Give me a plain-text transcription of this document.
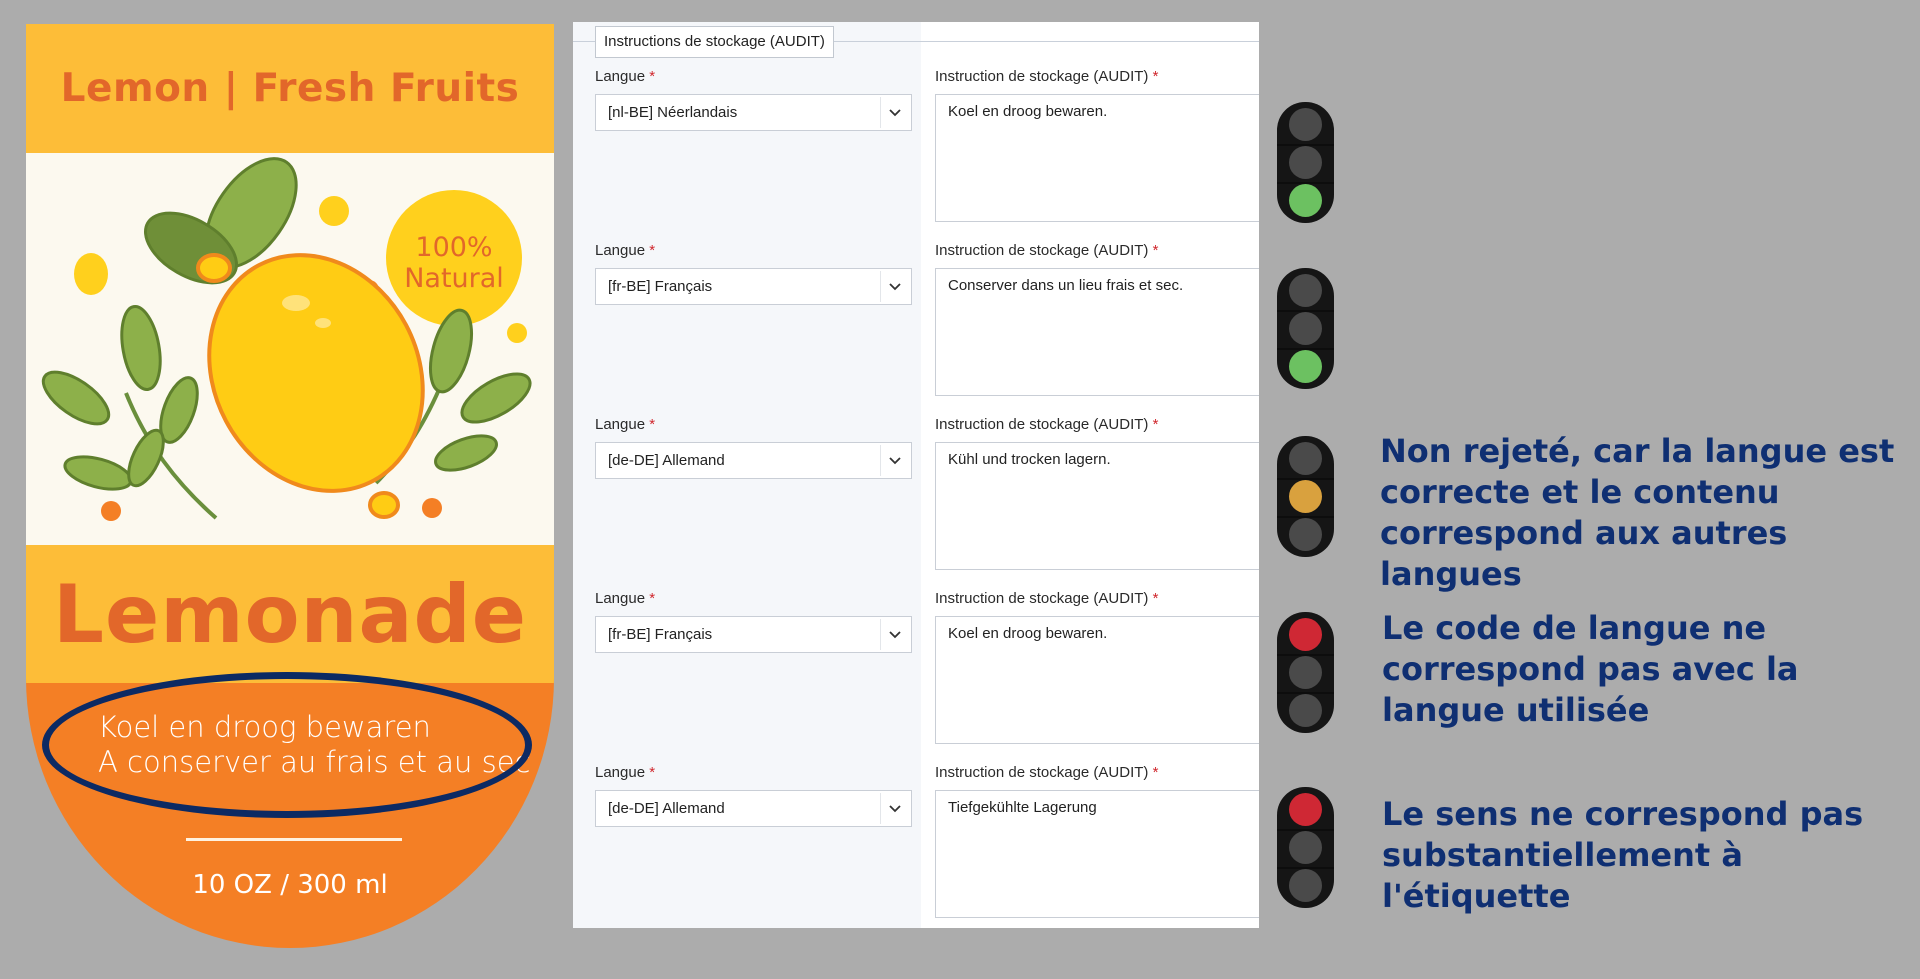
Lemon | Fresh Fruits
100%
Natural
Lemonade
Koel en droog bewaren
A conserver au frais et au sec
10 OZ / 300 ml
Instructions de stockage (AUDIT)
Langue *	Instruction de stockage (AUDIT) *
[nl-BE] Néerlandais	Koel en droog bewaren.
Langue *	Instruction de stockage (AUDIT) *
[fr-BE] Français	Conserver dans un lieu frais et sec.
Langue *	Instruction de stockage (AUDIT) *
[de-DE] Allemand	Kühl und trocken lagern.
Langue *	Instruction de stockage (AUDIT) *
[fr-BE] Français	Koel en droog bewaren.
Langue *	Instruction de stockage (AUDIT) *
[de-DE] Allemand	Tiefgekühlte Lagerung
Non rejeté, car la langue est
correcte et le contenu
correspond aux autres langues
Le code de langue ne
correspond pas avec la
langue utilisée
Le sens ne correspond pas
substantiellement à l'étiquette
